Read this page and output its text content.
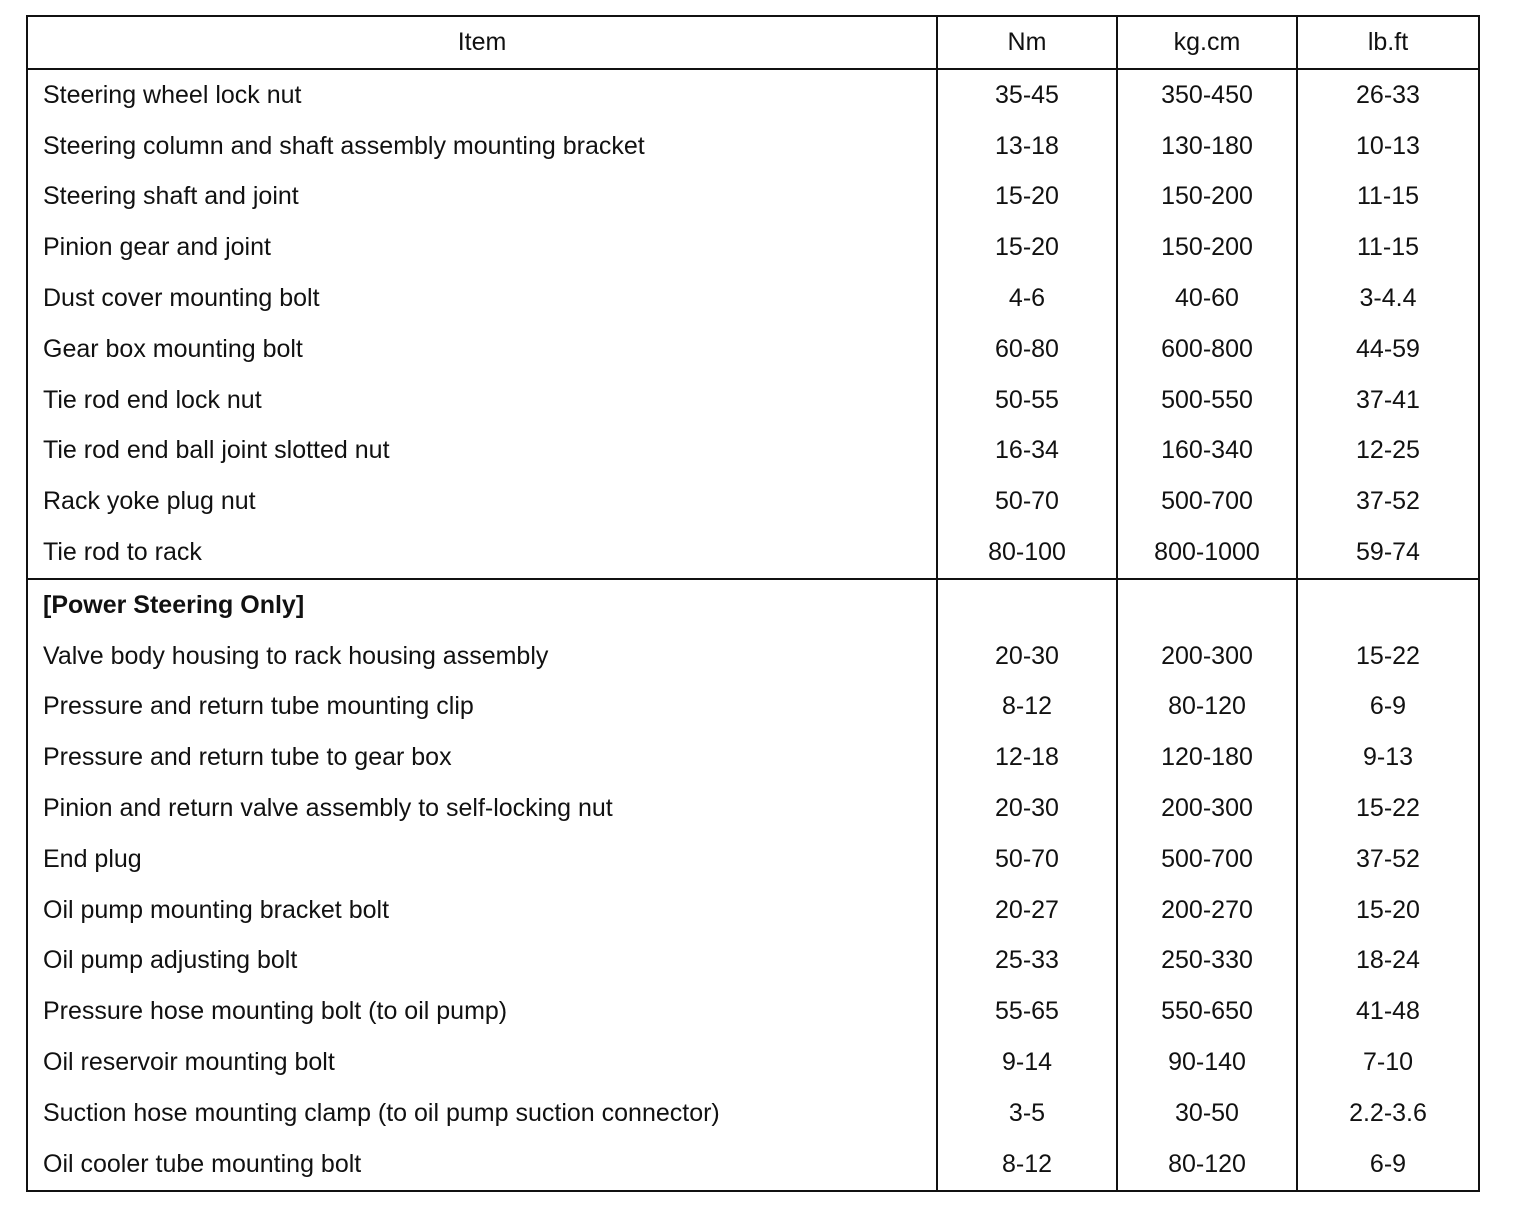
Item	Nm	kg.cm	lb.ft
Steering wheel lock nut	35-45	350-450	26-33
Steering column and shaft assembly mounting bracket	13-18	130-180	10-13
Steering shaft and joint	15-20	150-200	11-15
Pinion gear and joint	15-20	150-200	11-15
Dust cover mounting bolt	4-6	40-60	3-4.4
Gear box mounting bolt	60-80	600-800	44-59
Tie rod end lock nut	50-55	500-550	37-41
Tie rod end ball joint slotted nut	16-34	160-340	12-25
Rack yoke plug nut	50-70	500-700	37-52
Tie rod to rack	80-100	800-1000	59-74
[Power Steering Only]			
Valve body housing to rack housing assembly	20-30	200-300	15-22
Pressure and return tube mounting clip	8-12	80-120	6-9
Pressure and return tube to gear box	12-18	120-180	9-13
Pinion and return valve assembly to self-locking nut	20-30	200-300	15-22
End plug	50-70	500-700	37-52
Oil pump mounting bracket bolt	20-27	200-270	15-20
Oil pump adjusting bolt	25-33	250-330	18-24
Pressure hose mounting bolt (to oil pump)	55-65	550-650	41-48
Oil reservoir mounting bolt	9-14	90-140	7-10
Suction hose mounting clamp (to oil pump suction connector)	3-5	30-50	2.2-3.6
Oil cooler tube mounting bolt	8-12	80-120	6-9
